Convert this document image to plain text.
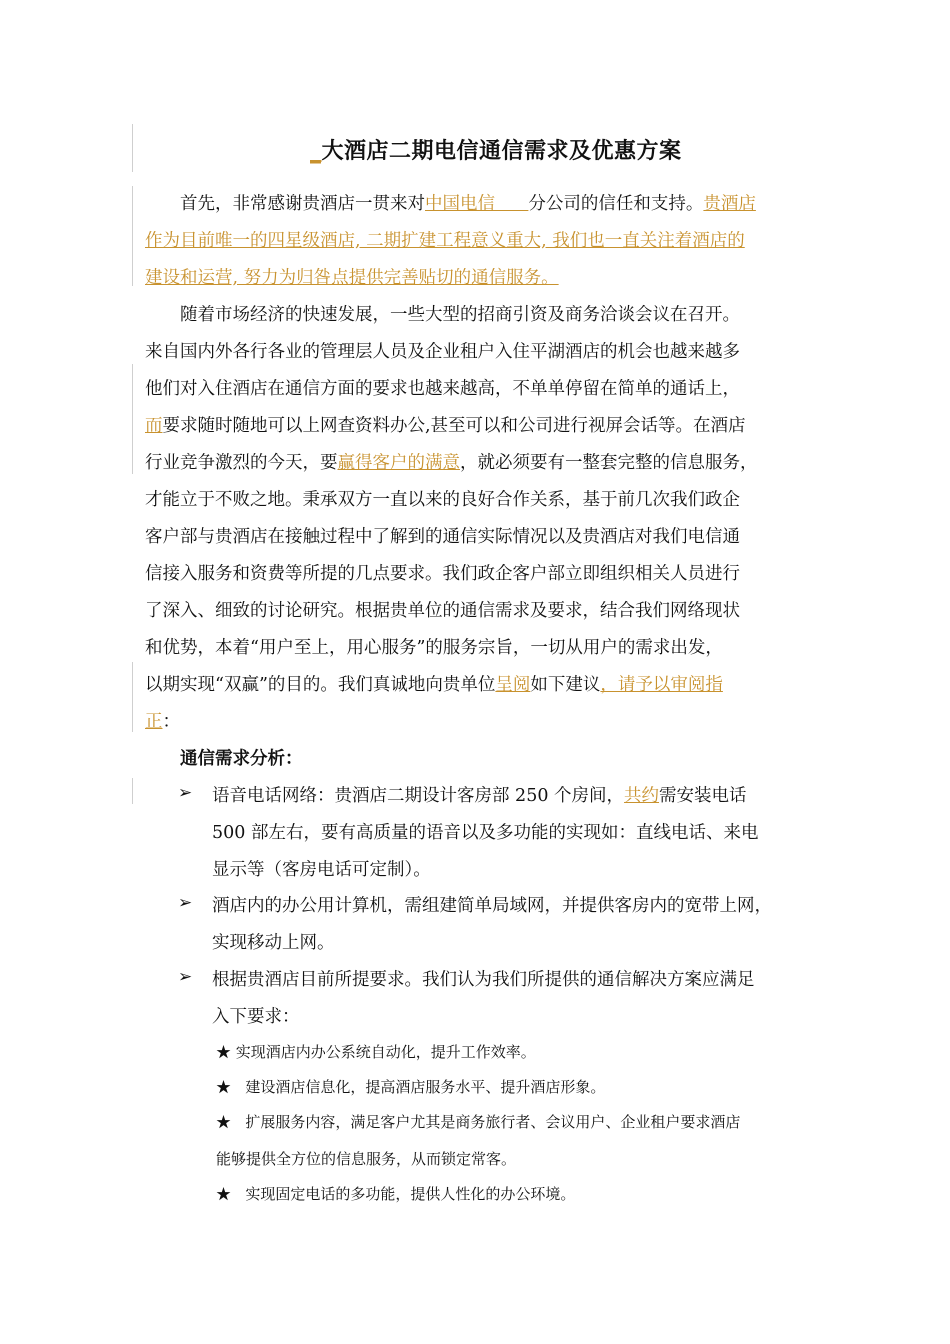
_大酒店二期电信通信需求及优惠方案
首先，非常感谢贵酒店一贯来对中国电信 分公司的信任和支持。贵酒店
作为目前唯一的四星级酒店, 二期扩建工程意义重大, 我们也一直关注着酒店的
建设和运营, 努力为归咎点提供完善贴切的通信服务。
随着市场经济的快速发展，一些大型的招商引资及商务洽谈会议在召开。
来自国内外各行各业的管理层人员及企业租户入住平湖酒店的机会也越来越多
他们对入住酒店在通信方面的要求也越来越高，不单单停留在简单的通话上，
而要求随时随地可以上网查资料办公,甚至可以和公司进行视屏会话等。在酒店
行业竞争激烈的今天，要赢得客户的满意，就必须要有一整套完整的信息服务，
才能立于不败之地。秉承双方一直以来的良好合作关系，基于前几次我们政企
客户部与贵酒店在接触过程中了解到的通信实际情况以及贵酒店对我们电信通
信接入服务和资费等所提的几点要求。我们政企客户部立即组织相关人员进行
了深入、细致的讨论研究。根据贵单位的通信需求及要求，结合我们网络现状
和优势，本着“用户至上，用心服务”的服务宗旨，一切从用户的需求出发，
以期实现“双赢”的目的。我们真诚地向贵单位呈阅如下建议，请予以审阅指
正：
通信需求分析：
➢ 语音电话网络：贵酒店二期设计客房部 250 个房间，共约需安装电话
500 部左右，要有高质量的语音以及多功能的实现如：直线电话、来电
显示等（客房电话可定制）。
➢ 酒店内的办公用计算机，需组建简单局域网，并提供客房内的宽带上网，
实现移动上网。
➢ 根据贵酒店目前所提要求。我们认为我们所提供的通信解决方案应满足
入下要求：
★ 实现酒店内办公系统自动化，提升工作效率。
★ 建设酒店信息化，提高酒店服务水平、提升酒店形象。
★ 扩展服务内容，满足客户尤其是商务旅行者、会议用户、企业租户要求酒店
能够提供全方位的信息服务，从而锁定常客。
★ 实现固定电话的多功能，提供人性化的办公环境。
